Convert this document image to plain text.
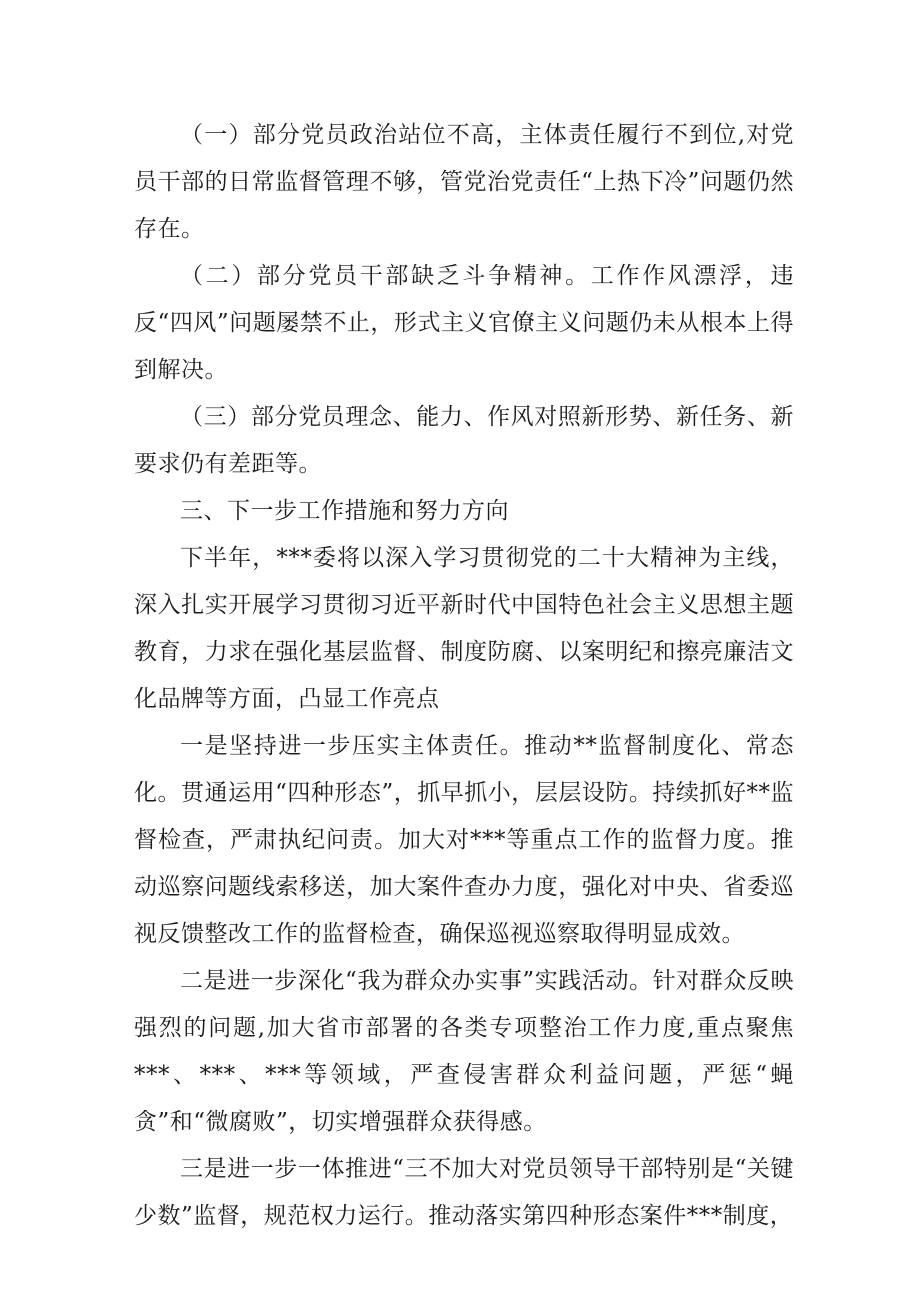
（一）部分党员政治站位不高，主体责任履行不到位,对党员干部的日常监督管理不够，管党治党责任“上热下冷”问题仍然存在。

（二）部分党员干部缺乏斗争精神。工作作风漂浮，违反“四风”问题屡禁不止，形式主义官僚主义问题仍未从根本上得到解决。

（三）部分党员理念、能力、作风对照新形势、新任务、新要求仍有差距等。

三、下一步工作措施和努力方向

下半年，***委将以深入学习贯彻党的二十大精神为主线，深入扎实开展学习贯彻习近平新时代中国特色社会主义思想主题教育，力求在强化基层监督、制度防腐、以案明纪和擦亮廉洁文化品牌等方面，凸显工作亮点

一是坚持进一步压实主体责任。推动**监督制度化、常态化。贯通运用“四种形态”，抓早抓小，层层设防。持续抓好**监督检查，严肃执纪问责。加大对***等重点工作的监督力度。推动巡察问题线索移送，加大案件查办力度，强化对中央、省委巡视反馈整改工作的监督检查，确保巡视巡察取得明显成效。

二是进一步深化“我为群众办实事”实践活动。针对群众反映强烈的问题,加大省市部署的各类专项整治工作力度,重点聚焦***、***、***等领域，严查侵害群众利益问题，严惩“蝇贪”和“微腐败”，切实增强群众获得感。

三是进一步一体推进“三不加大对党员领导干部特别是“关键少数”监督，规范权力运行。推动落实第四种形态案件***制度，
